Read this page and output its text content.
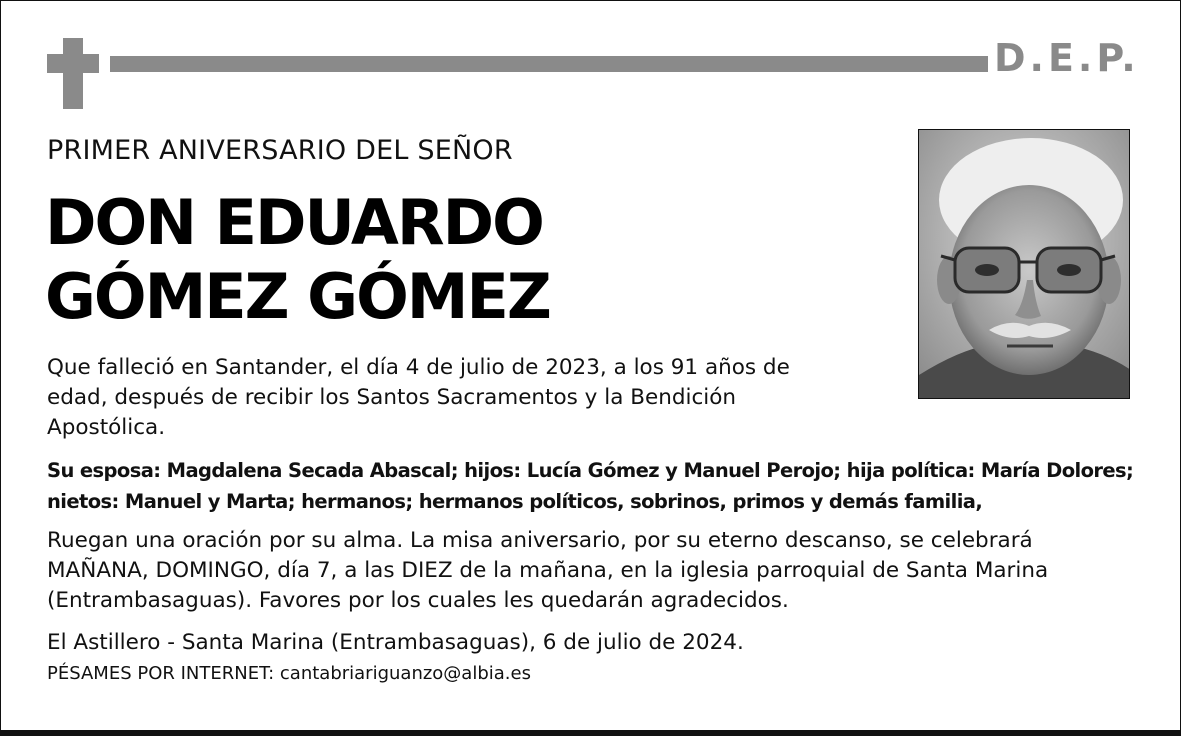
D.E.P.
PRIMER ANIVERSARIO DEL SEÑOR
DON EDUARDO
GÓMEZ GÓMEZ

Que falleció en Santander, el día 4 de julio de 2023, a los 91 años de edad, después de recibir los Santos Sacramentos y la Bendición Apostólica.

Su esposa: Magdalena Secada Abascal; hijos: Lucía Gómez y Manuel Perojo; hija política: María Dolores; nietos: Manuel y Marta; hermanos; hermanos políticos, sobrinos, primos y demás familia,

Ruegan una oración por su alma. La misa aniversario, por su eterno descanso, se celebrará MAÑANA, DOMINGO, día 7, a las DIEZ de la mañana, en la iglesia parroquial de Santa Marina (Entrambasaguas). Favores por los cuales les quedarán agradecidos.

El Astillero - Santa Marina (Entrambasaguas), 6 de julio de 2024.

PÉSAMES POR INTERNET: cantabriariguanzo@albia.es
